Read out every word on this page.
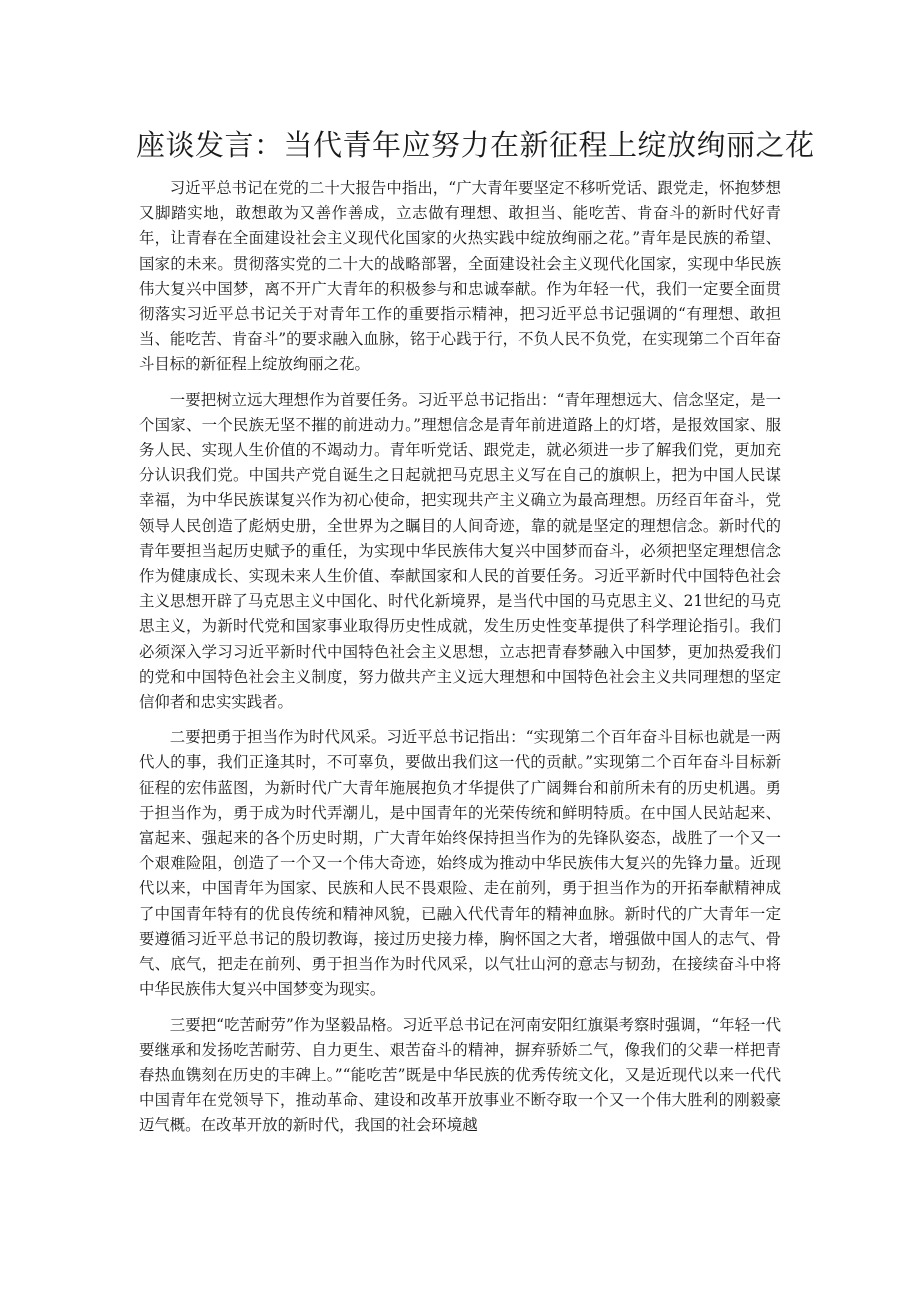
座谈发言：当代青年应努力在新征程上绽放绚丽之花

习近平总书记在党的二十大报告中指出，“广大青年要坚定不移听党话、跟党走，怀抱梦想又脚踏实地，敢想敢为又善作善成，立志做有理想、敢担当、能吃苦、肯奋斗的新时代好青年，让青春在全面建设社会主义现代化国家的火热实践中绽放绚丽之花。”青年是民族的希望、国家的未来。贯彻落实党的二十大的战略部署，全面建设社会主义现代化国家，实现中华民族伟大复兴中国梦，离不开广大青年的积极参与和忠诚奉献。作为年轻一代，我们一定要全面贯彻落实习近平总书记关于对青年工作的重要指示精神，把习近平总书记强调的“有理想、敢担当、能吃苦、肯奋斗”的要求融入血脉，铭于心践于行，不负人民不负党，在实现第二个百年奋斗目标的新征程上绽放绚丽之花。

一要把树立远大理想作为首要任务。习近平总书记指出：“青年理想远大、信念坚定，是一个国家、一个民族无坚不摧的前进动力。”理想信念是青年前进道路上的灯塔，是报效国家、服务人民、实现人生价值的不竭动力。青年听党话、跟党走，就必须进一步了解我们党，更加充分认识我们党。中国共产党自诞生之日起就把马克思主义写在自己的旗帜上，把为中国人民谋幸福，为中华民族谋复兴作为初心使命，把实现共产主义确立为最高理想。历经百年奋斗，党领导人民创造了彪炳史册，全世界为之瞩目的人间奇迹，靠的就是坚定的理想信念。新时代的青年要担当起历史赋予的重任，为实现中华民族伟大复兴中国梦而奋斗，必须把坚定理想信念作为健康成长、实现未来人生价值、奉献国家和人民的首要任务。习近平新时代中国特色社会主义思想开辟了马克思主义中国化、时代化新境界，是当代中国的马克思主义、21世纪的马克思主义，为新时代党和国家事业取得历史性成就，发生历史性变革提供了科学理论指引。我们必须深入学习习近平新时代中国特色社会主义思想，立志把青春梦融入中国梦，更加热爱我们的党和中国特色社会主义制度，努力做共产主义远大理想和中国特色社会主义共同理想的坚定信仰者和忠实实践者。

二要把勇于担当作为时代风采。习近平总书记指出：“实现第二个百年奋斗目标也就是一两代人的事，我们正逢其时，不可辜负，要做出我们这一代的贡献。”实现第二个百年奋斗目标新征程的宏伟蓝图，为新时代广大青年施展抱负才华提供了广阔舞台和前所未有的历史机遇。勇于担当作为，勇于成为时代弄潮儿，是中国青年的光荣传统和鲜明特质。在中国人民站起来、富起来、强起来的各个历史时期，广大青年始终保持担当作为的先锋队姿态，战胜了一个又一个艰难险阻，创造了一个又一个伟大奇迹，始终成为推动中华民族伟大复兴的先锋力量。近现代以来，中国青年为国家、民族和人民不畏艰险、走在前列，勇于担当作为的开拓奉献精神成了中国青年特有的优良传统和精神风貌，已融入代代青年的精神血脉。新时代的广大青年一定要遵循习近平总书记的殷切教诲，接过历史接力棒，胸怀国之大者，增强做中国人的志气、骨气、底气，把走在前列、勇于担当作为时代风采，以气壮山河的意志与韧劲，在接续奋斗中将中华民族伟大复兴中国梦变为现实。

三要把“吃苦耐劳”作为坚毅品格。习近平总书记在河南安阳红旗渠考察时强调，“年轻一代要继承和发扬吃苦耐劳、自力更生、艰苦奋斗的精神，摒弃骄娇二气，像我们的父辈一样把青春热血镌刻在历史的丰碑上。”“能吃苦”既是中华民族的优秀传统文化，又是近现代以来一代代中国青年在党领导下，推动革命、建设和改革开放事业不断夺取一个又一个伟大胜利的刚毅豪迈气概。在改革开放的新时代，我国的社会环境越
